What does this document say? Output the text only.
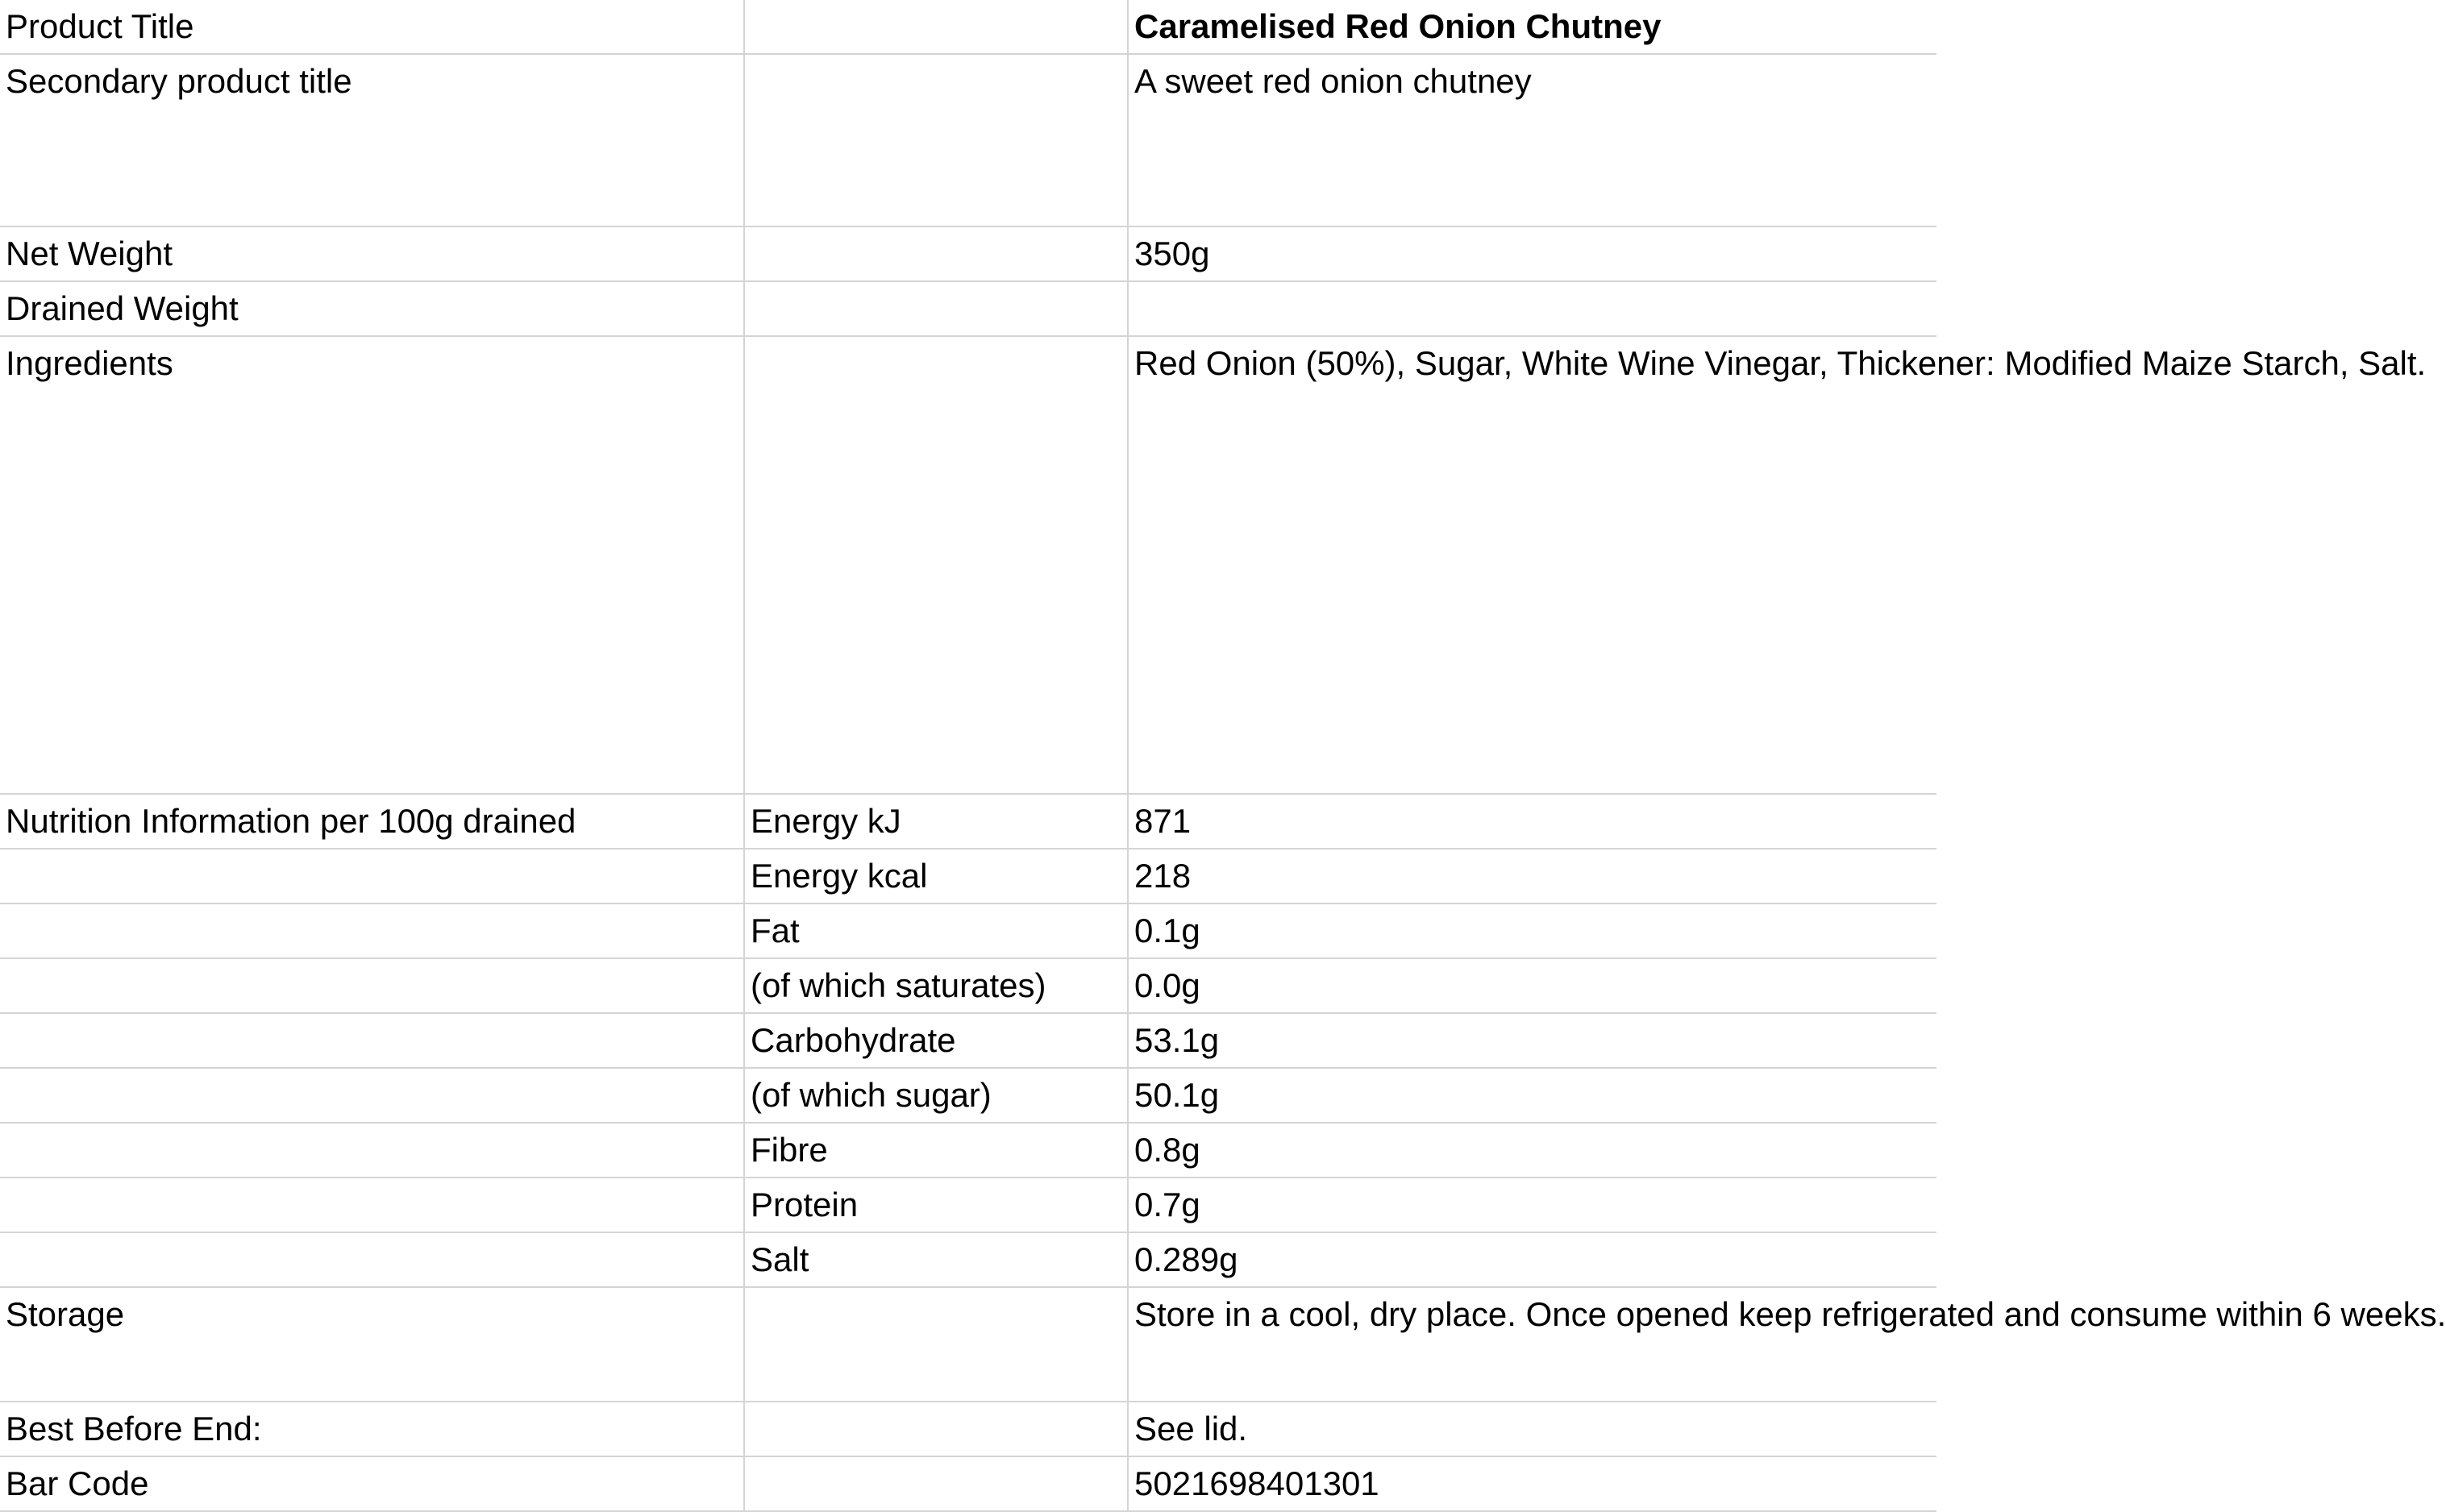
Product Title		Caramelised Red Onion Chutney
Secondary product title		A sweet red onion chutney
Net Weight		350g
Drained Weight		
Ingredients		Red Onion (50%), Sugar, White Wine Vinegar, Thickener: Modified Maize Starch, Salt.
Nutrition Information per 100g drained	Energy kJ	871
	Energy kcal	218
	Fat	0.1g
	(of which saturates)	0.0g
	Carbohydrate	53.1g
	(of which sugar)	50.1g
	Fibre	0.8g
	Protein	0.7g
	Salt	0.289g
Storage		Store in a cool, dry place. Once opened keep refrigerated and consume within 6 weeks.
Best Before End:		See lid.
Bar Code		5021698401301
